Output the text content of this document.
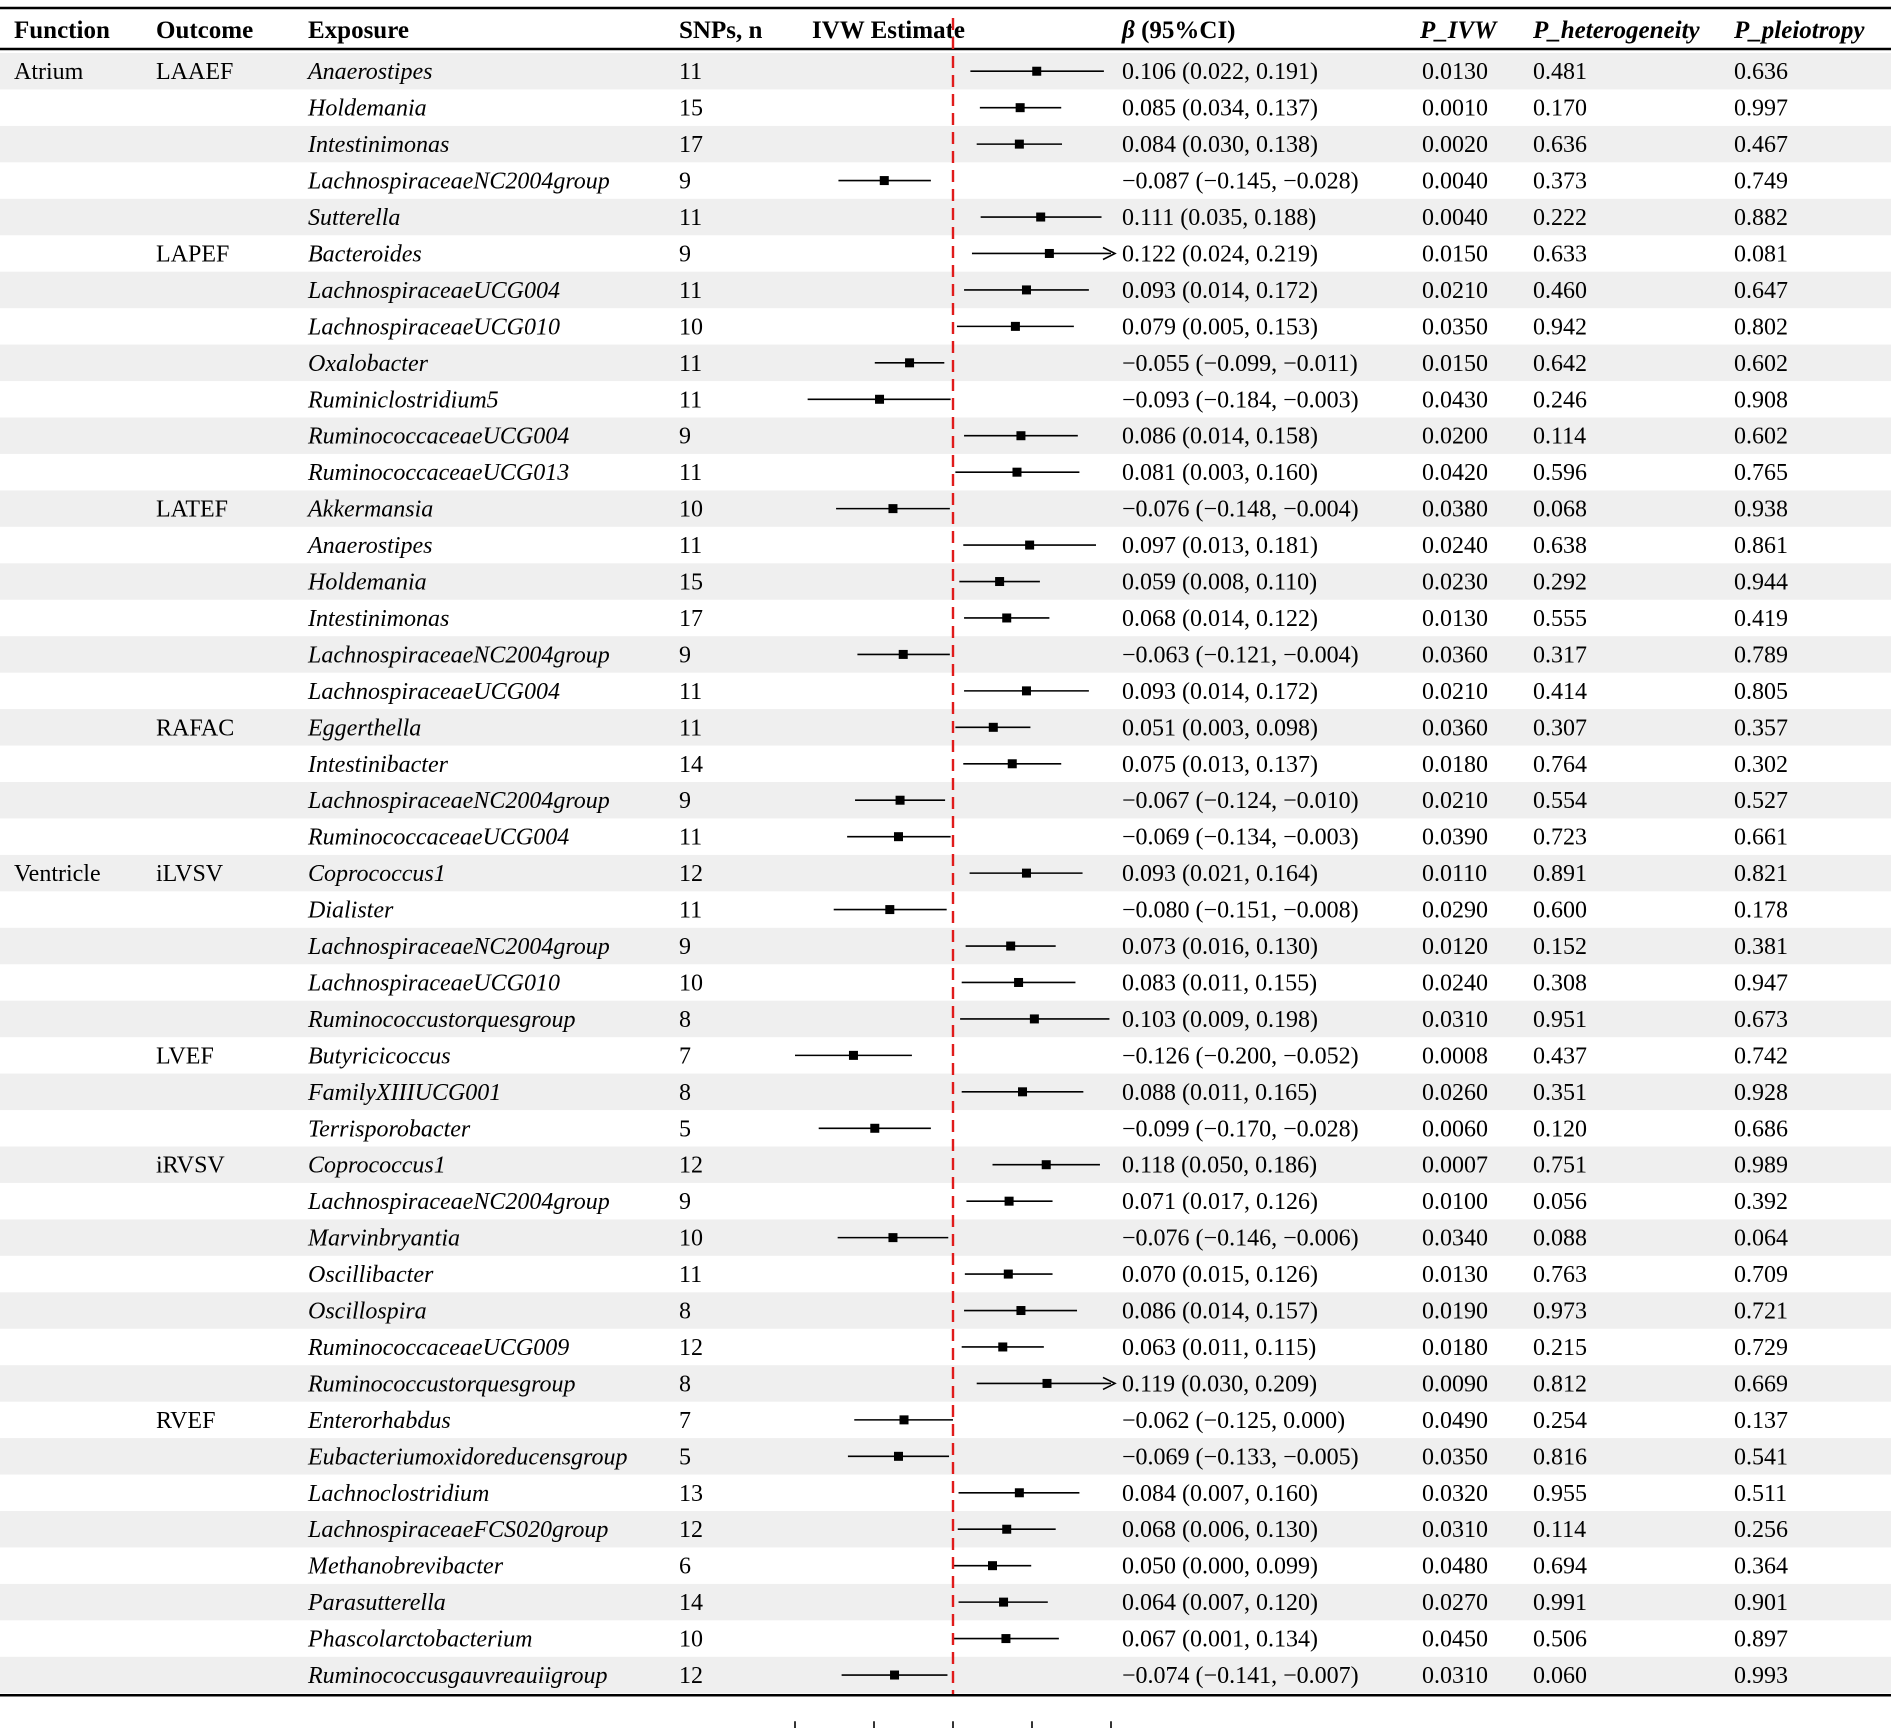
Function Outcome Exposure	SNPs, n IVW Estimate	β (95%CI)	P_IVW P_heterogeneity P_pleiotropy
Atrium	LAAEF	Anaerostipes	11	0.106 (0.022, 0.191)	0.0130 0.481	0.636
Holdemania	15	0.085 (0.034, 0.137)	0.0010 0.170	0.997
Intestinimonas	17	0.084 (0.030, 0.138)	0.0020 0.636	0.467
LachnospiraceaeNC2004group	9	−0.087 (−0.145, −0.028)	0.0040 0.373	0.749
Sutterella	11	0.111 (0.035, 0.188)	0.0040 0.222	0.882
LAPEF	Bacteroides	9	0.122 (0.024, 0.219)	0.0150 0.633	0.081
LachnospiraceaeUCG004	11	0.093 (0.014, 0.172)	0.0210 0.460	0.647
LachnospiraceaeUCG010	10	0.079 (0.005, 0.153)	0.0350 0.942	0.802
Oxalobacter	11	−0.055 (−0.099, −0.011)	0.0150 0.642	0.602
Ruminiclostridium5	11	−0.093 (−0.184, −0.003)	0.0430 0.246	0.908
RuminococcaceaeUCG004	9	0.086 (0.014, 0.158)	0.0200 0.114	0.602
RuminococcaceaeUCG013	11	0.081 (0.003, 0.160)	0.0420 0.596	0.765
LATEF	Akkermansia	10	−0.076 (−0.148, −0.004)	0.0380 0.068	0.938
Anaerostipes	11	0.097 (0.013, 0.181)	0.0240 0.638	0.861
Holdemania	15	0.059 (0.008, 0.110)	0.0230 0.292	0.944
Intestinimonas	17	0.068 (0.014, 0.122)	0.0130 0.555	0.419
LachnospiraceaeNC2004group	9	−0.063 (−0.121, −0.004)	0.0360 0.317	0.789
LachnospiraceaeUCG004	11	0.093 (0.014, 0.172)	0.0210 0.414	0.805
RAFAC	Eggerthella	11	0.051 (0.003, 0.098)	0.0360 0.307	0.357
Intestinibacter	14	0.075 (0.013, 0.137)	0.0180 0.764	0.302
LachnospiraceaeNC2004group	9	−0.067 (−0.124, −0.010)	0.0210 0.554	0.527
RuminococcaceaeUCG004	11	−0.069 (−0.134, −0.003)	0.0390 0.723	0.661
Ventricle iLVSV	Coprococcus1	12	0.093 (0.021, 0.164)	0.0110 0.891	0.821
Dialister	11	−0.080 (−0.151, −0.008)	0.0290 0.600	0.178
LachnospiraceaeNC2004group	9	0.073 (0.016, 0.130)	0.0120 0.152	0.381
LachnospiraceaeUCG010	10	0.083 (0.011, 0.155)	0.0240 0.308	0.947
Ruminococcustorquesgroup	8	0.103 (0.009, 0.198)	0.0310 0.951	0.673
LVEF	Butyricicoccus	7	−0.126 (−0.200, −0.052)	0.0008 0.437	0.742
FamilyXIIIUCG001	8	0.088 (0.011, 0.165)	0.0260 0.351	0.928
Terrisporobacter	5	−0.099 (−0.170, −0.028)	0.0060 0.120	0.686
iRVSV	Coprococcus1	12	0.118 (0.050, 0.186)	0.0007 0.751	0.989
LachnospiraceaeNC2004group	9	0.071 (0.017, 0.126)	0.0100 0.056	0.392
Marvinbryantia	10	−0.076 (−0.146, −0.006)	0.0340 0.088	0.064
Oscillibacter	11	0.070 (0.015, 0.126)	0.0130 0.763	0.709
Oscillospira	8	0.086 (0.014, 0.157)	0.0190 0.973	0.721
RuminococcaceaeUCG009	12	0.063 (0.011, 0.115)	0.0180 0.215	0.729
Ruminococcustorquesgroup	8	0.119 (0.030, 0.209)	0.0090 0.812	0.669
RVEF	Enterorhabdus	7	−0.062 (−0.125, 0.000)	0.0490 0.254	0.137
Eubacteriumoxidoreducensgroup 5	−0.069 (−0.133, −0.005)	0.0350 0.816	0.541
Lachnoclostridium	13	0.084 (0.007, 0.160)	0.0320 0.955	0.511
LachnospiraceaeFCS020group	12	0.068 (0.006, 0.130)	0.0310 0.114	0.256
Methanobrevibacter	6	0.050 (0.000, 0.099)	0.0480 0.694	0.364
Parasutterella	14	0.064 (0.007, 0.120)	0.0270 0.991	0.901
Phascolarctobacterium	10	0.067 (0.001, 0.134)	0.0450 0.506	0.897
Ruminococcusgauvreauiigroup	12	−0.074 (−0.141, −0.007)	0.0310 0.060	0.993
